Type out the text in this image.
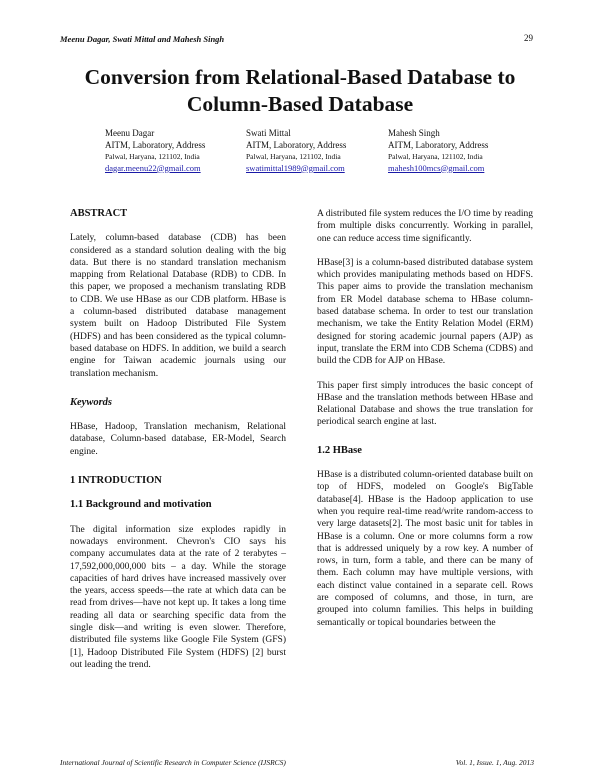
Meenu Dagar, Swati Mittal and Mahesh Singh	29
Conversion from Relational-Based Database to
Column-Based Database
Meenu Dagar
AITM, Laboratory, Address
Palwal, Haryana, 121102, India
dagar.meenu22@gmail.com
Swati Mittal
AITM, Laboratory, Address
Palwal, Haryana, 121102, India
swatimittal1989@gmail.com
Mahesh Singh
AITM, Laboratory, Address
Palwal, Haryana, 121102, India
mahesh100mcs@gmail.com

ABSTRACT

Lately, column-based database (CDB) has been considered as a standard solution dealing with the big data. But there is no standard translation mechanism mapping from Relational Database (RDB) to CDB. In this paper, we proposed a mechanism translating RDB to CDB. We use HBase as our CDB platform. HBase is a column-based distributed database management system built on Hadoop Distributed File System (HDFS) and has been considered as the typical column-based database on HDFS. In addition, we build a search engine for Taiwan academic journals using our translation mechanism.

Keywords

HBase, Hadoop, Translation mechanism, Relational database, Column-based database, ER-Model, Search engine.

1 INTRODUCTION

1.1 Background and motivation

The digital information size explodes rapidly in nowadays environment. Chevron's CIO says his company accumulates data at the rate of 2 terabytes – 17,592,000,000,000 bits – a day. While the storage capacities of hard drives have increased massively over the years, access speeds—the rate at which data can be read from drives—have not kept up. It takes a long time reading all data or searching specific data from the single disk—and writing is even slower. Therefore, distributed file systems like Google File System (GFS) [1], Hadoop Distributed File System (HDFS) [2] burst out leading the trend.

A distributed file system reduces the I/O time by reading from multiple disks concurrently. Working in parallel, one can reduce access time significantly.

HBase[3] is a column-based distributed database system which provides manipulating methods based on HDFS. This paper aims to provide the translation mechanism from ER Model database schema to HBase column-based database schema. In order to test our translation mechanism, we take the Entity Relation Model (ERM) designed for storing academic journal papers (AJP) as input, translate the ERM into CDB Schema (CDBS) and build the CDB for AJP on HBase.

This paper first simply introduces the basic concept of HBase and the translation methods between HBase and Relational Database and shows the true translation for periodical search engine at last.

1.2 HBase

HBase is a distributed column-oriented database built on top of HDFS, modeled on Google's BigTable database[4]. HBase is the Hadoop application to use when you require real-time read/write random-access to very large datasets[2]. The most basic unit for tables in HBase is a column. One or more columns form a row that is addressed uniquely by a row key. A number of rows, in turn, form a table, and there can be many of them. Each column may have multiple versions, with each distinct value contained in a separate cell. Rows are composed of columns, and those, in turn, are grouped into column families. This helps in building semantically or topical boundaries between the

International Journal of Scientific Research in Computer Science (IJSRCS)	Vol. 1, Issue. 1, Aug. 2013
